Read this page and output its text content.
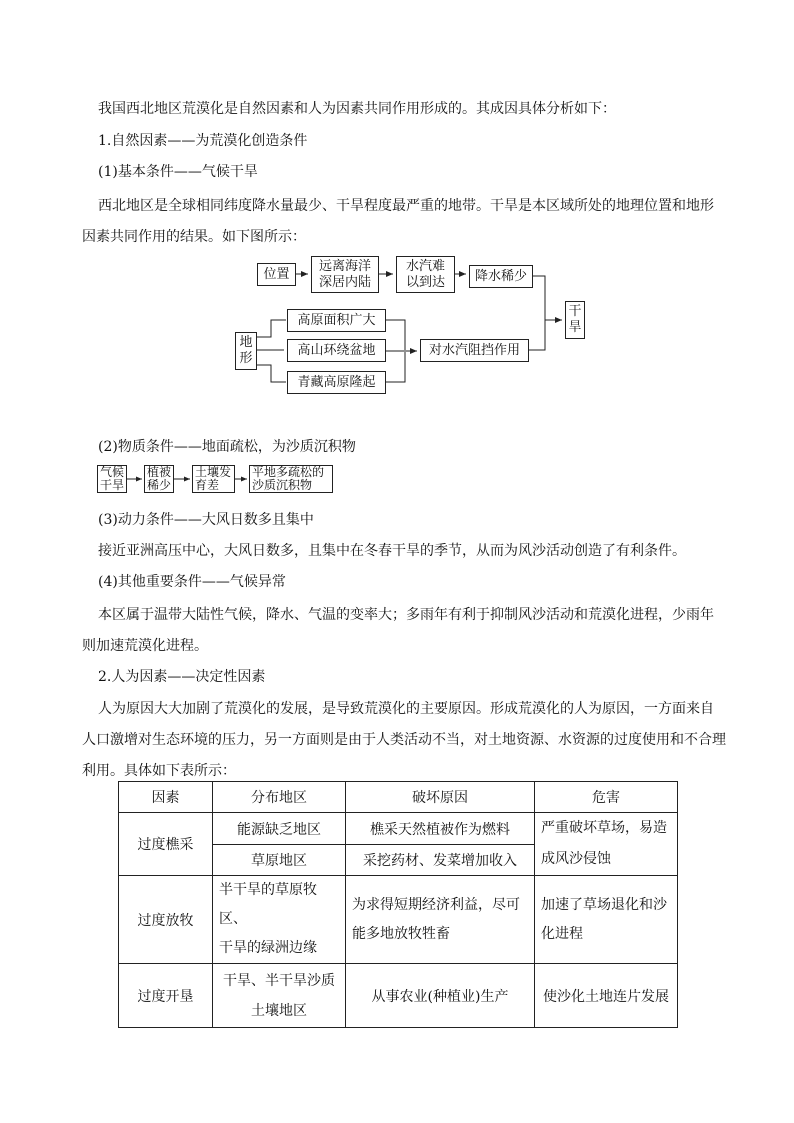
我国西北地区荒漠化是自然因素和人为因素共同作用形成的。其成因具体分析如下：
1.自然因素——为荒漠化创造条件
(1)基本条件——气候干旱
西北地区是全球相同纬度降水量最少、干旱程度最严重的地带。干旱是本区域所处的地理位置和地形
因素共同作用的结果。如下图所示：
位置
远离海洋
深居内陆
水汽难
以到达 降水稀少
干
旱
地
形
高原面积广大
高山环绕盆地
青藏高原隆起
对水汽阻挡作用
(2)物质条件——地面疏松，为沙质沉积物
气候
干旱
植被
稀少
土壤发
育差
平地多疏松的
沙质沉积物
(3)动力条件——大风日数多且集中
接近亚洲高压中心，大风日数多，且集中在冬春干旱的季节，从而为风沙活动创造了有利条件。
(4)其他重要条件——气候异常
本区属于温带大陆性气候，降水、气温的变率大；多雨年有利于抑制风沙活动和荒漠化进程，少雨年
则加速荒漠化进程。
2.人为因素——决定性因素
人为原因大大加剧了荒漠化的发展，是导致荒漠化的主要原因。形成荒漠化的人为原因，一方面来自
人口激增对生态环境的压力，另一方面则是由于人类活动不当，对土地资源、水资源的过度使用和不合理
利用。具体如下表所示：
因素	分布地区	破坏原因	危害
过度樵采	能源缺乏地区	樵采天然植被作为燃料	严重破坏草场，易造
成风沙侵蚀

	草原地区	采挖药材、发菜增加收入	
过度放牧	半干旱的草原牧区、
干旱的绿洲边缘	为求得短期经济利益，尽可
能多地放牧牲畜	加速了草场退化和沙
化进程

过度开垦	干旱、半干旱沙质
土壤地区	从事农业(种植业)生产	使沙化土地连片发展
